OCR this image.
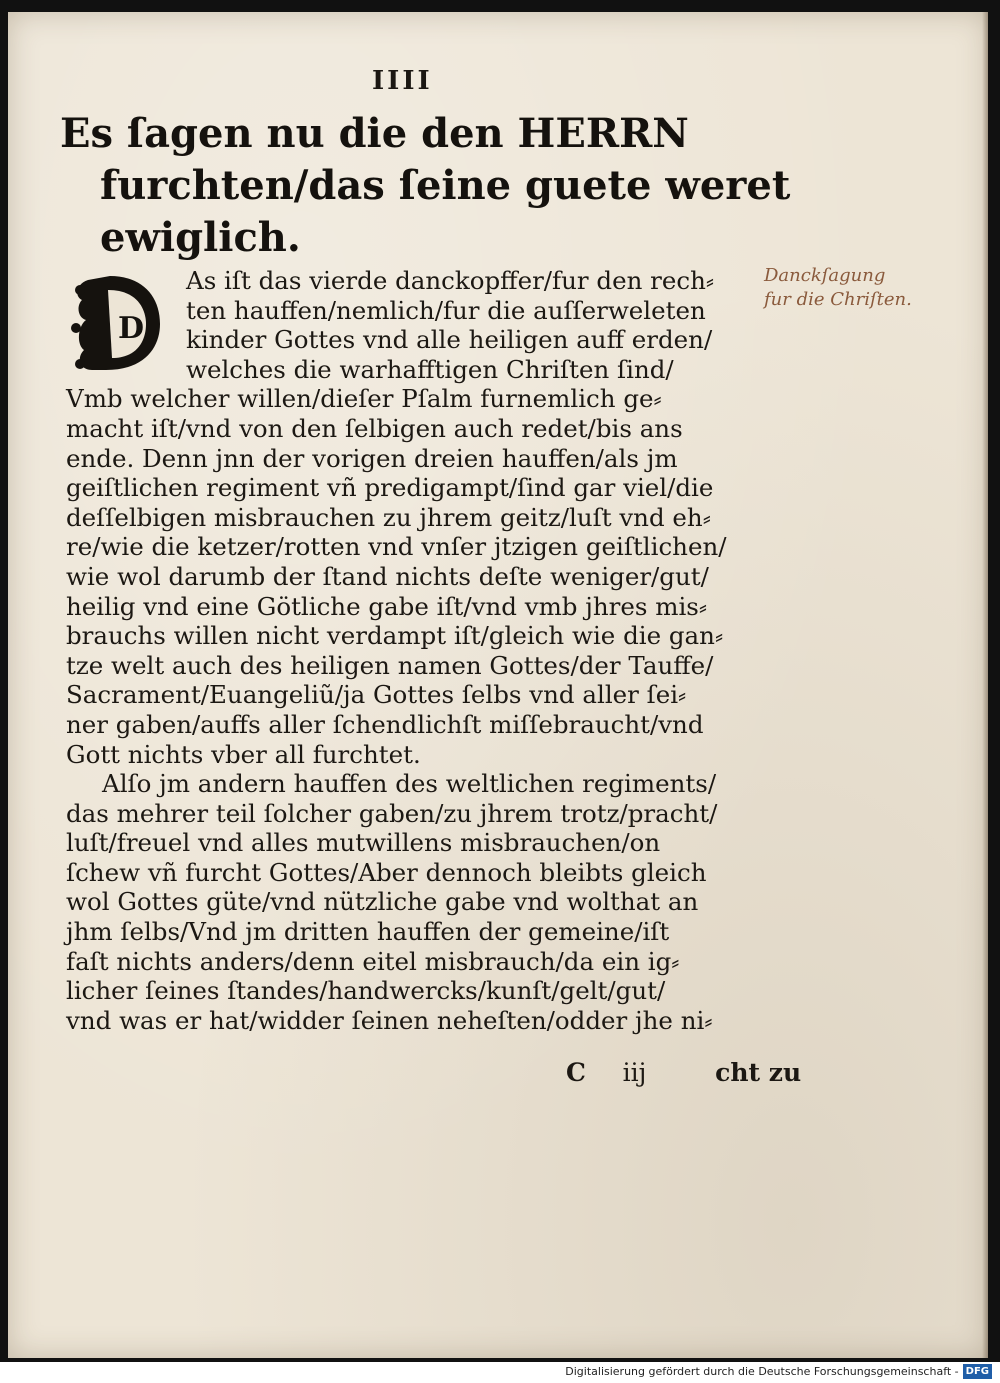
IIII
Es ſagen nu die den HERRN
furchten/das ſeine guete weret
ewiglich.
D
As iſt das vierde danckopffer/fur den rech⸗
ten hauffen/nemlich/fur die auſſerweleten
kinder Gottes vnd alle heiligen auff erden/
welches die warhafftigen Chriſten ſind/
Vmb welcher willen/dieſer Pſalm furnemlich ge⸗
macht iſt/vnd von den ſelbigen auch redet/bis ans
ende. Denn jnn der vorigen dreien hauffen/als jm
geiſtlichen regiment vñ predigampt/ſind gar viel/die
deſſelbigen misbrauchen zu jhrem geitz/luſt vnd eh⸗
re/wie die ketzer/rotten vnd vnſer jtzigen geiſtlichen/
wie wol darumb der ſtand nichts deſte weniger/gut/
heilig vnd eine Götliche gabe iſt/vnd vmb jhres mis⸗
brauchs willen nicht verdampt iſt/gleich wie die gan⸗
tze welt auch des heiligen namen Gottes/der Tauffe/
Sacrament/Euangeliũ/ja Gottes ſelbs vnd aller ſei⸗
ner gaben/auffs aller ſchendlichſt miſſebraucht/vnd
Gott nichts vber all furchtet.
Alſo jm andern hauffen des weltlichen regiments/
das mehrer teil ſolcher gaben/zu jhrem trotz/pracht/
luſt/freuel vnd alles mutwillens misbrauchen/on
ſchew vñ furcht Gottes/Aber dennoch bleibts gleich
wol Gottes güte/vnd nützliche gabe vnd wolthat an
jhm ſelbs/Vnd jm dritten hauffen der gemeine/iſt
faſt nichts anders/denn eitel misbrauch/da ein ig⸗
licher ſeines ſtandes/handwercks/kunſt/gelt/gut/
vnd was er hat/widder ſeinen neheſten/odder jhe ni⸗
C iij	cht zu
Danckſagung
fur die Chriſten.
Digitalisierung gefördert durch die Deutsche Forschungsgemeinschaft - DFG
